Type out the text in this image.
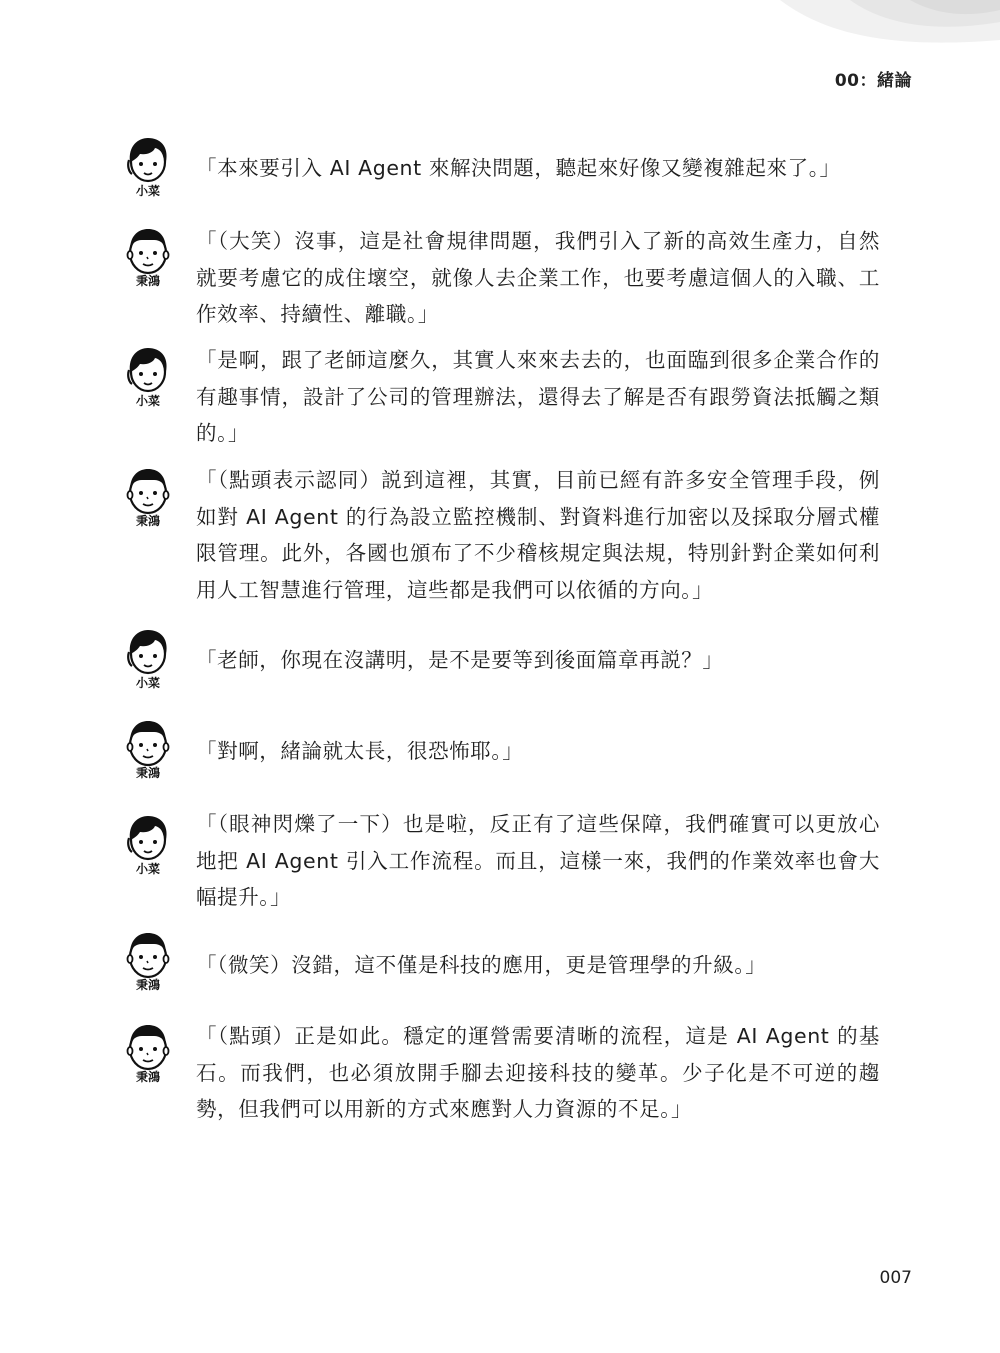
00：緒論
小菜

「本來要引入 AI Agent 來解決問題，聽起來好像又變複雜起來了。」

秉鴻

「（大笑）沒事，這是社會規律問題，我們引入了新的高效生產力，自然就要考慮它的成住壞空，就像人去企業工作，也要考慮這個人的入職、工作效率、持續性、離職。」

小菜

「是啊，跟了老師這麼久，其實人來來去去的，也面臨到很多企業合作的有趣事情，設計了公司的管理辦法，還得去了解是否有跟勞資法抵觸之類的。」

秉鴻

「（點頭表示認同）説到這裡，其實，目前已經有許多安全管理手段，例如對 AI Agent 的行為設立監控機制、對資料進行加密以及採取分層式權限管理。此外，各國也頒布了不少稽核規定與法規，特別針對企業如何利用人工智慧進行管理，這些都是我們可以依循的方向。」

小菜

「老師，你現在沒講明，是不是要等到後面篇章再説？」

秉鴻

「對啊，緒論就太長，很恐怖耶。」

小菜

「（眼神閃爍了一下）也是啦，反正有了這些保障，我們確實可以更放心地把 AI Agent 引入工作流程。而且，這樣一來，我們的作業效率也會大幅提升。」

秉鴻

「（微笑）沒錯，這不僅是科技的應用，更是管理學的升級。」

秉鴻

「（點頭）正是如此。穩定的運營需要清晰的流程，這是 AI Agent 的基石。而我們，也必須放開手腳去迎接科技的變革。少子化是不可逆的趨勢，但我們可以用新的方式來應對人力資源的不足。」

007
